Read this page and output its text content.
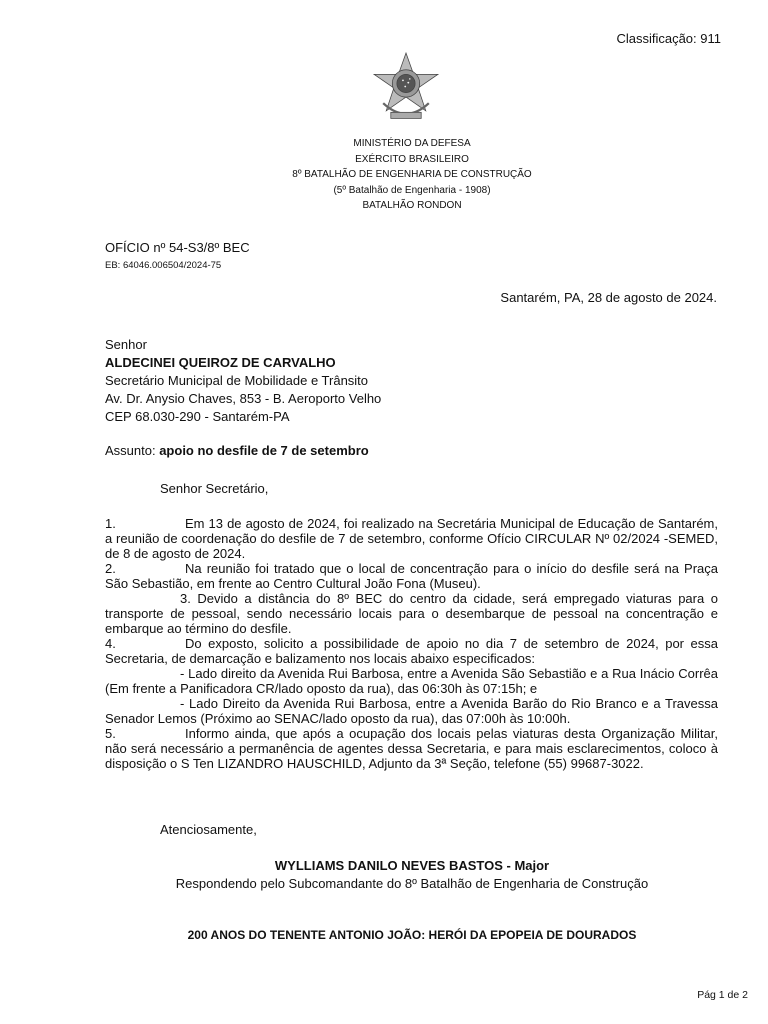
Classificação: 911
MINISTÉRIO DA DEFESA
EXÉRCITO BRASILEIRO
8º BATALHÃO DE ENGENHARIA DE CONSTRUÇÃO
(5º Batalhão de Engenharia - 1908)
BATALHÃO RONDON
OFÍCIO nº 54-S3/8º BEC
EB: 64046.006504/2024-75
Santarém, PA, 28 de agosto de 2024.
Senhor
ALDECINEI QUEIROZ DE CARVALHO
Secretário Municipal de Mobilidade e Trânsito
Av. Dr. Anysio Chaves, 853 - B. Aeroporto Velho
CEP 68.030-290 - Santarém-PA
Assunto: apoio no desfile de 7 de setembro
Senhor Secretário,

1.	Em 13 de agosto de 2024, foi realizado na Secretária Municipal de Educação de Santarém, a reunião de coordenação do desfile de 7 de setembro, conforme Ofício CIRCULAR Nº 02/2024 -SEMED, de 8 de agosto de 2024.

2.	Na reunião foi tratado que o local de concentração para o início do desfile será na Praça São Sebastião, em frente ao Centro Cultural João Fona (Museu).

3. Devido a distância do 8º BEC do centro da cidade, será empregado viaturas para o transporte de pessoal, sendo necessário locais para o desembarque de pessoal na concentração e embarque ao término do desfile.

4.	Do exposto, solicito a possibilidade de apoio no dia 7 de setembro de 2024, por essa Secretaria, de demarcação e balizamento nos locais abaixo especificados:

- Lado direito da Avenida Rui Barbosa, entre a Avenida São Sebastião e a Rua Inácio Corrêa (Em frente a Panificadora CR/lado oposto da rua), das 06:30h às 07:15h; e

- Lado Direito da Avenida Rui Barbosa, entre a Avenida Barão do Rio Branco e a Travessa Senador Lemos (Próximo ao SENAC/lado oposto da rua), das 07:00h às 10:00h.

5.	Informo ainda, que após a ocupação dos locais pelas viaturas desta Organização Militar, não será necessário a permanência de agentes dessa Secretaria, e para mais esclarecimentos, coloco à disposição o S Ten LIZANDRO HAUSCHILD, Adjunto da 3ª Seção, telefone (55) 99687-3022.

Atenciosamente,
WYLLIAMS DANILO NEVES BASTOS - Major
Respondendo pelo Subcomandante do 8º Batalhão de Engenharia de Construção
200 ANOS DO TENENTE ANTONIO JOÃO: HERÓI DA EPOPEIA DE DOURADOS
Pág 1 de 2
